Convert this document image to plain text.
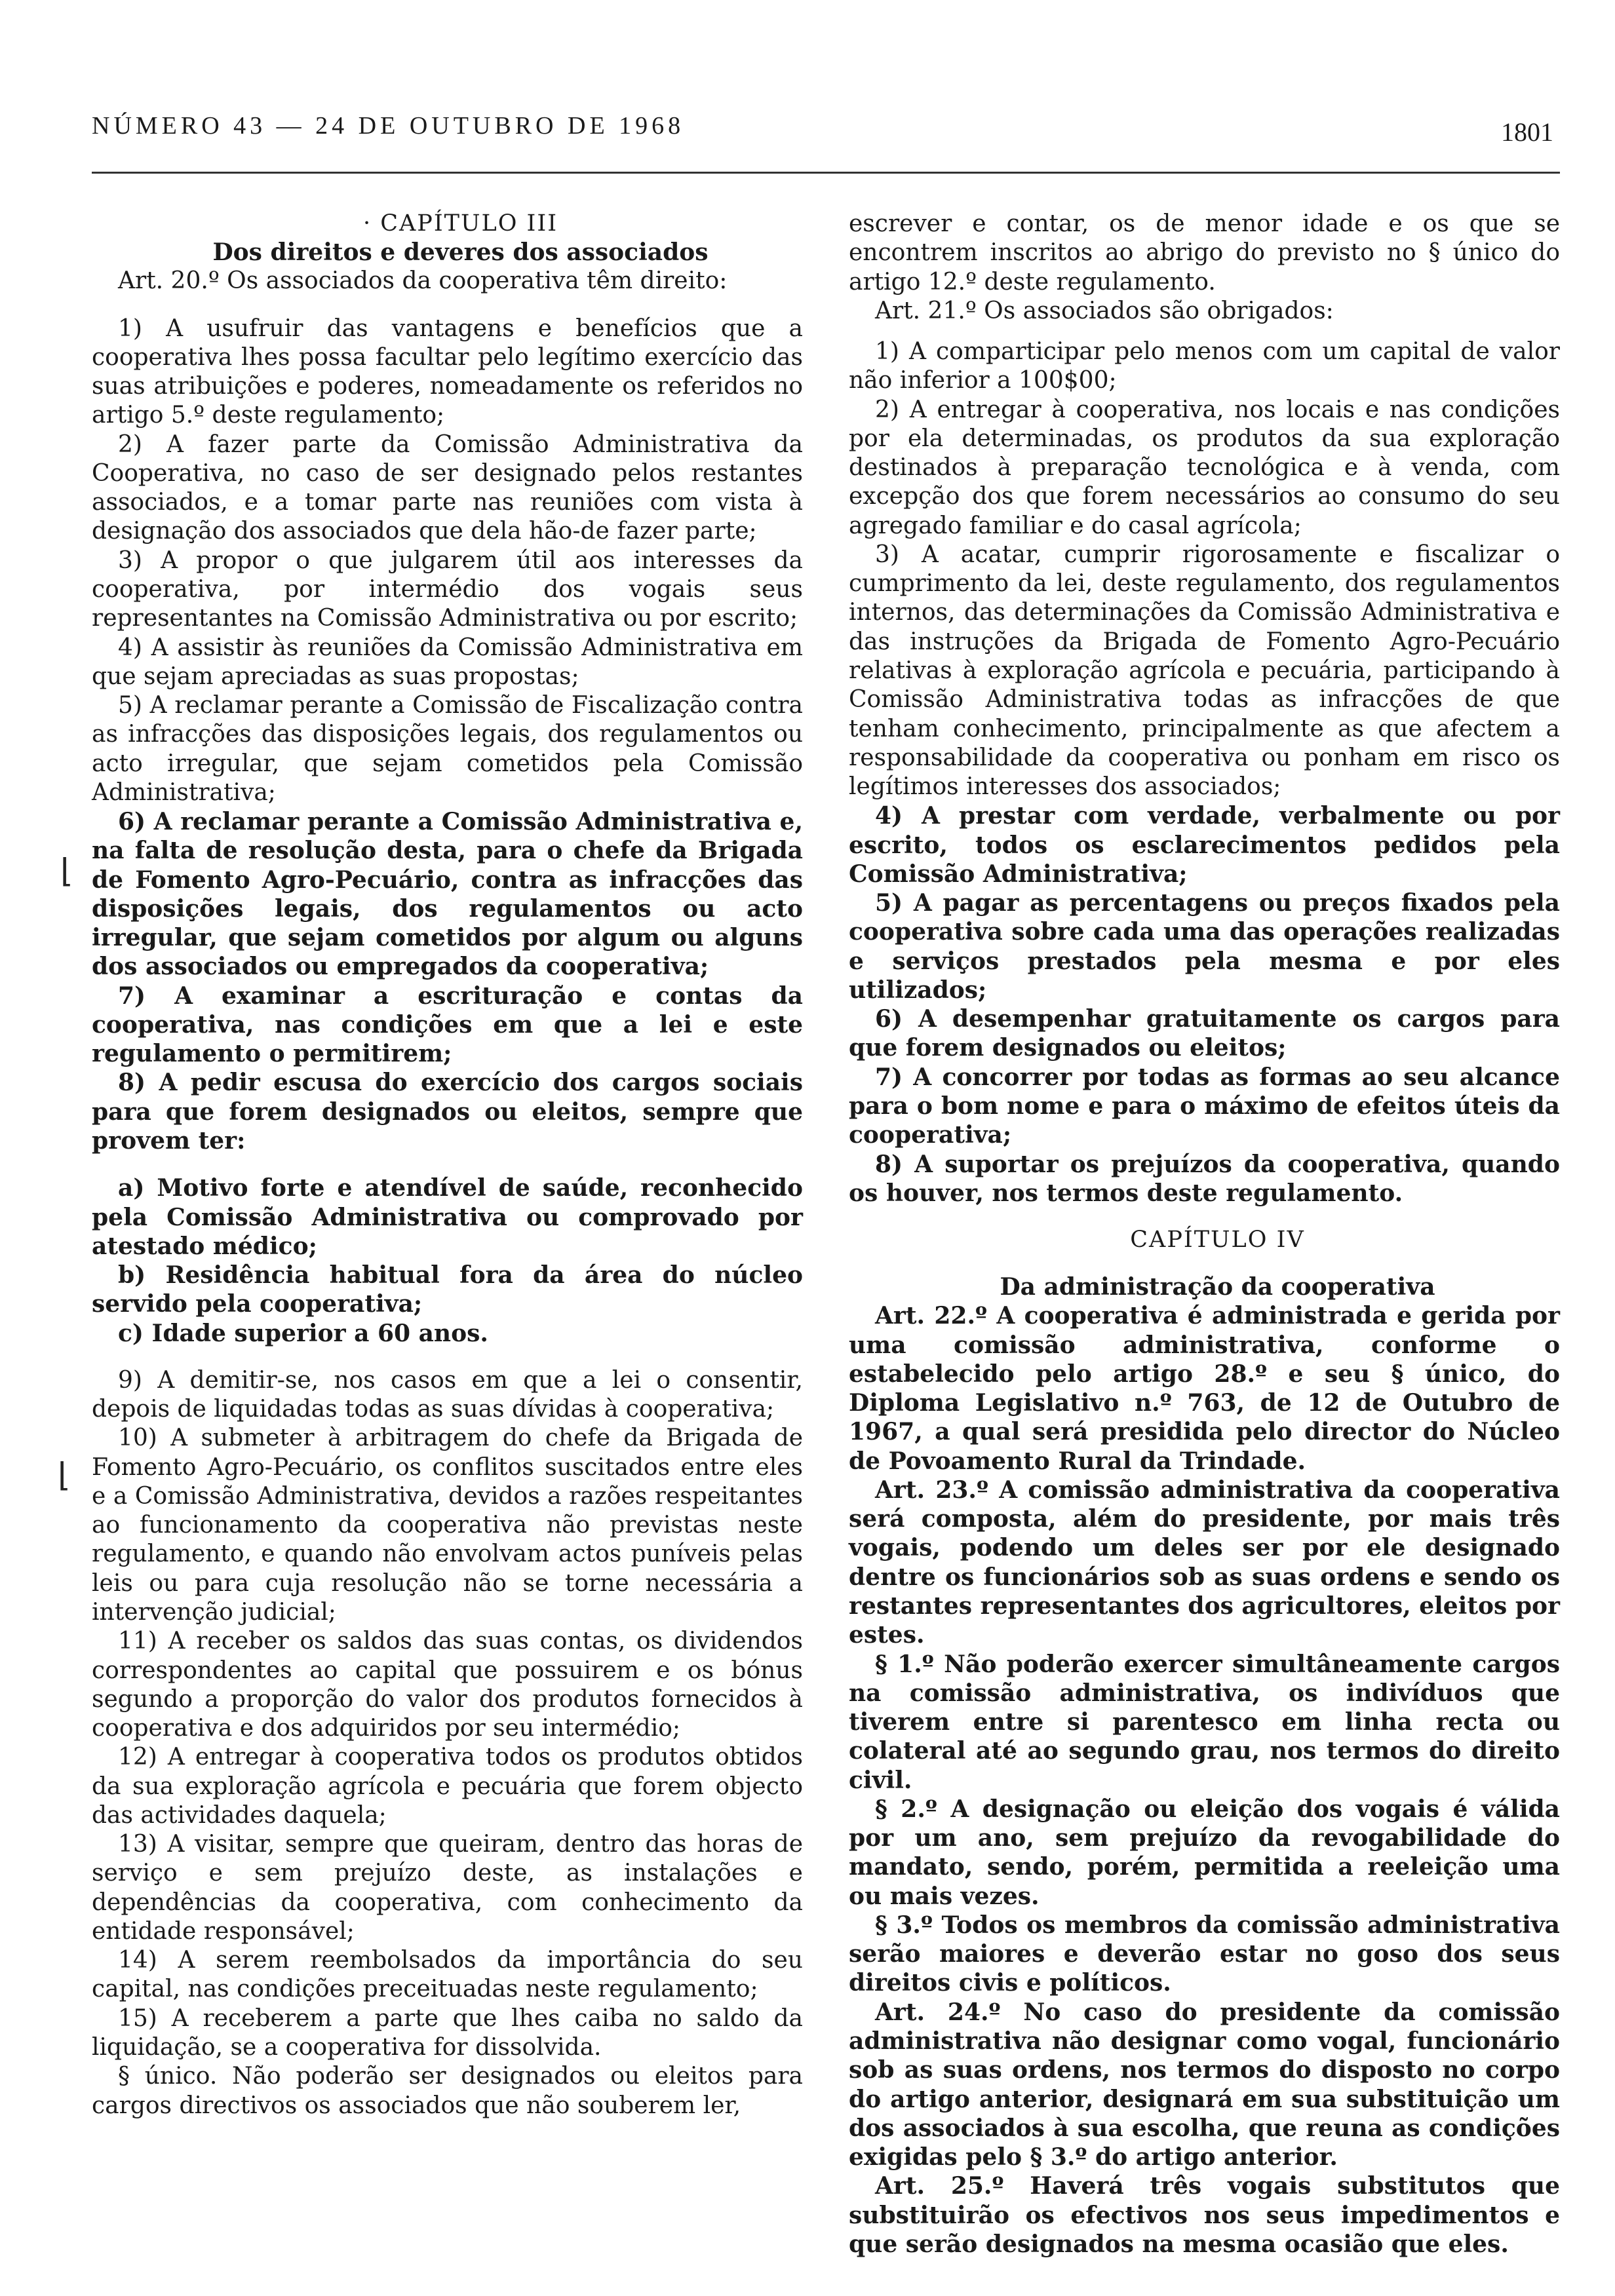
NÚMERO 43 — 24 DE OUTUBRO DE 1968	1801

· CAPÍTULO III

Dos direitos e deveres dos associados

Art. 20.º Os associados da cooperativa têm direito:

1) A usufruir das vantagens e benefícios que a cooperativa lhes possa facultar pelo legítimo exercício das suas atribuições e poderes, nomeadamente os referidos no artigo 5.º deste regulamento;

2) A fazer parte da Comissão Administrativa da Cooperativa, no caso de ser designado pelos restantes associados, e a tomar parte nas reuniões com vista à designação dos associados que dela hão-de fazer parte;

3) A propor o que julgarem útil aos interesses da cooperativa, por intermédio dos vogais seus representantes na Comissão Administrativa ou por escrito;

4) A assistir às reuniões da Comissão Administrativa em que sejam apreciadas as suas propostas;

5) A reclamar perante a Comissão de Fiscalização contra as infracções das disposições legais, dos regulamentos ou acto irregular, que sejam cometidos pela Comissão Administrativa;

6) A reclamar perante a Comissão Administrativa e, na falta de resolução desta, para o chefe da Brigada de Fomento Agro-Pecuário, contra as infracções das disposições legais, dos regulamentos ou acto irregular, que sejam cometidos por algum ou alguns dos associados ou empregados da cooperativa;

7) A examinar a escrituração e contas da cooperativa, nas condições em que a lei e este regulamento o permitirem;

8) A pedir escusa do exercício dos cargos sociais para que forem designados ou eleitos, sempre que provem ter:

a) Motivo forte e atendível de saúde, reconhecido pela Comissão Administrativa ou comprovado por atestado médico;

b) Residência habitual fora da área do núcleo servido pela cooperativa;

c) Idade superior a 60 anos.

9) A demitir-se, nos casos em que a lei o consentir, depois de liquidadas todas as suas dívidas à cooperativa;

10) A submeter à arbitragem do chefe da Brigada de Fomento Agro-Pecuário, os conflitos suscitados entre eles e a Comissão Administrativa, devidos a razões respeitantes ao funcionamento da cooperativa não previstas neste regulamento, e quando não envolvam actos puníveis pelas leis ou para cuja resolução não se torne necessária a intervenção judicial;

11) A receber os saldos das suas contas, os dividendos correspondentes ao capital que possuirem e os bónus segundo a proporção do valor dos produtos fornecidos à cooperativa e dos adquiridos por seu intermédio;

12) A entregar à cooperativa todos os produtos obtidos da sua exploração agrícola e pecuária que forem objecto das actividades daquela;

13) A visitar, sempre que queiram, dentro das horas de serviço e sem prejuízo deste, as instalações e dependências da cooperativa, com conhecimento da entidade responsável;

14) A serem reembolsados da importância do seu capital, nas condições preceituadas neste regulamento;

15) A receberem a parte que lhes caiba no saldo da liquidação, se a cooperativa for dissolvida.

§ único. Não poderão ser designados ou eleitos para cargos directivos os associados que não souberem ler,

escrever e contar, os de menor idade e os que se encontrem inscritos ao abrigo do previsto no § único do artigo 12.º deste regulamento.

Art. 21.º Os associados são obrigados:

1) A comparticipar pelo menos com um capital de valor não inferior a 100$00;

2) A entregar à cooperativa, nos locais e nas condições por ela determinadas, os produtos da sua exploração destinados à preparação tecnológica e à venda, com excepção dos que forem necessários ao consumo do seu agregado familiar e do casal agrícola;

3) A acatar, cumprir rigorosamente e fiscalizar o cumprimento da lei, deste regulamento, dos regulamentos internos, das determinações da Comissão Administrativa e das instruções da Brigada de Fomento Agro-Pecuário relativas à exploração agrícola e pecuária, participando à Comissão Administrativa todas as infracções de que tenham conhecimento, principalmente as que afectem a responsabilidade da cooperativa ou ponham em risco os legítimos interesses dos associados;

4) A prestar com verdade, verbalmente ou por escrito, todos os esclarecimentos pedidos pela Comissão Administrativa;

5) A pagar as percentagens ou preços fixados pela cooperativa sobre cada uma das operações realizadas e serviços prestados pela mesma e por eles utilizados;

6) A desempenhar gratuitamente os cargos para que forem designados ou eleitos;

7) A concorrer por todas as formas ao seu alcance para o bom nome e para o máximo de efeitos úteis da cooperativa;

8) A suportar os prejuízos da cooperativa, quando os houver, nos termos deste regulamento.

CAPÍTULO IV

Da administração da cooperativa

Art. 22.º A cooperativa é administrada e gerida por uma comissão administrativa, conforme o estabelecido pelo artigo 28.º e seu § único, do Diploma Legislativo n.º 763, de 12 de Outubro de 1967, a qual será presidida pelo director do Núcleo de Povoamento Rural da Trindade.

Art. 23.º A comissão administrativa da cooperativa será composta, além do presidente, por mais três vogais, podendo um deles ser por ele designado dentre os funcionários sob as suas ordens e sendo os restantes representantes dos agricultores, eleitos por estes.

§ 1.º Não poderão exercer simultâneamente cargos na comissão administrativa, os indivíduos que tiverem entre si parentesco em linha recta ou colateral até ao segundo grau, nos termos do direito civil.

§ 2.º A designação ou eleição dos vogais é válida por um ano, sem prejuízo da revogabilidade do mandato, sendo, porém, permitida a reeleição uma ou mais vezes.

§ 3.º Todos os membros da comissão administrativa serão maiores e deverão estar no goso dos seus direitos civis e políticos.

Art. 24.º No caso do presidente da comissão administrativa não designar como vogal, funcionário sob as suas ordens, nos termos do disposto no corpo do artigo anterior, designará em sua substituição um dos associados à sua escolha, que reuna as condições exigidas pelo § 3.º do artigo anterior.

Art. 25.º Haverá três vogais substitutos que substituirão os efectivos nos seus impedimentos e que serão designados na mesma ocasião que eles.

⌊
⌊
